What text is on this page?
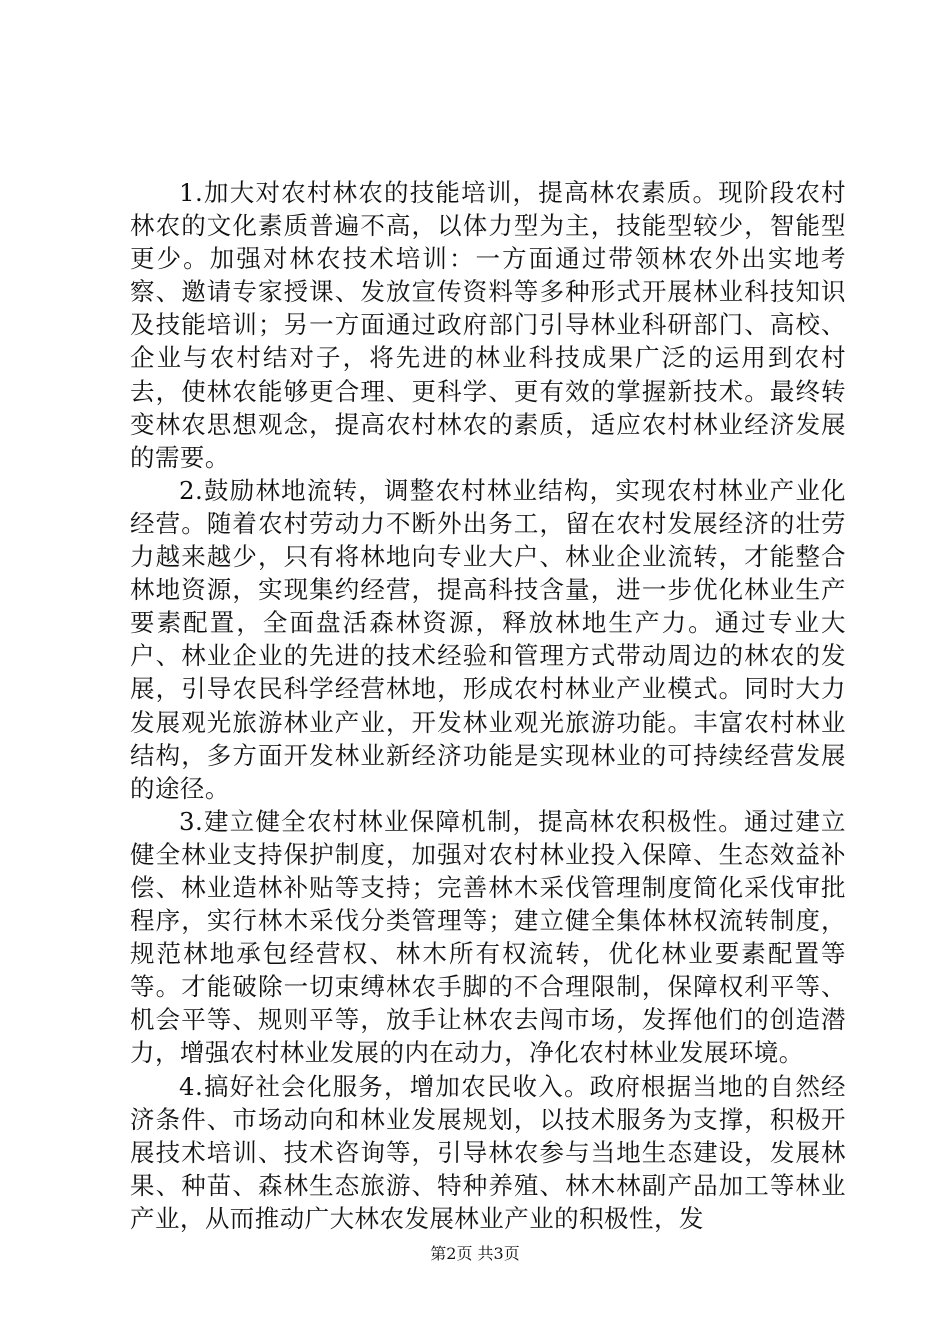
1.加大对农村林农的技能培训，提高林农素质。现阶段农村林农的文化素质普遍不高，以体力型为主，技能型较少，智能型更少。加强对林农技术培训：一方面通过带领林农外出实地考察、邀请专家授课、发放宣传资料等多种形式开展林业科技知识及技能培训；另一方面通过政府部门引导林业科研部门、高校、企业与农村结对子，将先进的林业科技成果广泛的运用到农村去，使林农能够更合理、更科学、更有效的掌握新技术。最终转变林农思想观念，提高农村林农的素质，适应农村林业经济发展的需要。

2.鼓励林地流转，调整农村林业结构，实现农村林业产业化经营。随着农村劳动力不断外出务工，留在农村发展经济的壮劳力越来越少，只有将林地向专业大户、林业企业流转，才能整合林地资源，实现集约经营，提高科技含量，进一步优化林业生产要素配置，全面盘活森林资源，释放林地生产力。通过专业大户、林业企业的先进的技术经验和管理方式带动周边的林农的发展，引导农民科学经营林地，形成农村林业产业模式。同时大力发展观光旅游林业产业，开发林业观光旅游功能。丰富农村林业结构，多方面开发林业新经济功能是实现林业的可持续经营发展的途径。

3.建立健全农村林业保障机制，提高林农积极性。通过建立健全林业支持保护制度，加强对农村林业投入保障、生态效益补偿、林业造林补贴等支持；完善林木采伐管理制度简化采伐审批程序，实行林木采伐分类管理等；建立健全集体林权流转制度，规范林地承包经营权、林木所有权流转，优化林业要素配置等等。才能破除一切束缚林农手脚的不合理限制，保障权利平等、机会平等、规则平等，放手让林农去闯市场，发挥他们的创造潜力，增强农村林业发展的内在动力，净化农村林业发展环境。

4.搞好社会化服务，增加农民收入。政府根据当地的自然经济条件、市场动向和林业发展规划，以技术服务为支撑，积极开展技术培训、技术咨询等，引导林农参与当地生态建设，发展林果、种苗、森林生态旅游、特种养殖、林木林副产品加工等林业产业，从而推动广大林农发展林业产业的积极性，发

第2页 共3页
